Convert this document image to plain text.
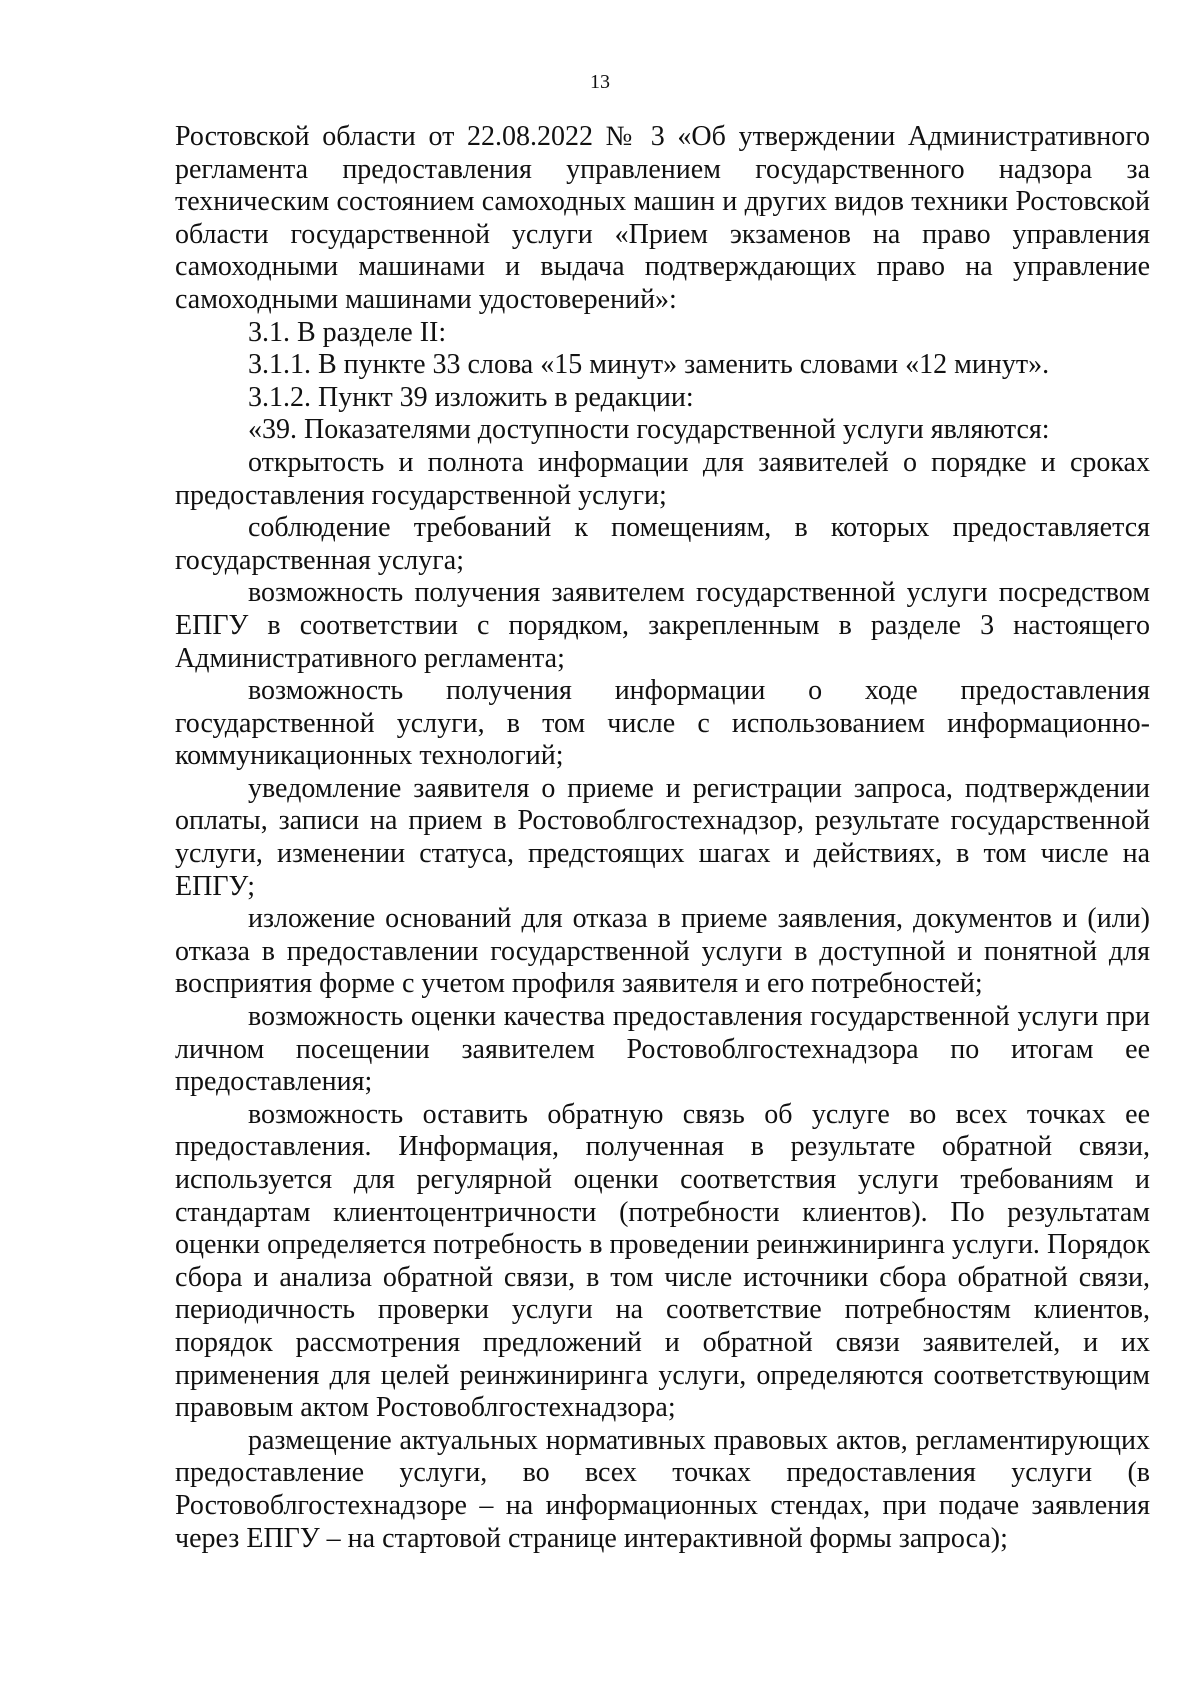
13

Ростовской области от 22.08.2022 № 3 «Об утверждении Административного регламента предоставления управлением государственного надзора за техническим состоянием самоходных машин и других видов техники Ростовской области государственной услуги «Прием экзаменов на право управления самоходными машинами и выдача подтверждающих право на управление самоходными машинами удостоверений»:

3.1. В разделе II:

3.1.1. В пункте 33 слова «15 минут» заменить словами «12 минут».

3.1.2. Пункт 39 изложить в редакции:

«39. Показателями доступности государственной услуги являются:

открытость и полнота информации для заявителей о порядке и сроках предоставления государственной услуги;

соблюдение требований к помещениям, в которых предоставляется государственная услуга;

возможность получения заявителем государственной услуги посредством ЕПГУ в соответствии с порядком, закрепленным в разделе 3 настоящего Административного регламента;

возможность получения информации о ходе предоставления государственной услуги, в том числе с использованием информационно-коммуникационных технологий;

уведомление заявителя о приеме и регистрации запроса, подтверждении оплаты, записи на прием в Ростовоблгостехнадзор, результате государственной услуги, изменении статуса, предстоящих шагах и действиях, в том числе на ЕПГУ;

изложение оснований для отказа в приеме заявления, документов и (или) отказа в предоставлении государственной услуги в доступной и понятной для восприятия форме с учетом профиля заявителя и его потребностей;

возможность оценки качества предоставления государственной услуги при личном посещении заявителем Ростовоблгостехнадзора по итогам ее предоставления;

возможность оставить обратную связь об услуге во всех точках ее предоставления. Информация, полученная в результате обратной связи, используется для регулярной оценки соответствия услуги требованиям и стандартам клиентоцентричности (потребности клиентов). По результатам оценки определяется потребность в проведении реинжиниринга услуги. Порядок сбора и анализа обратной связи, в том числе источники сбора обратной связи, периодичность проверки услуги на соответствие потребностям клиентов, порядок рассмотрения предложений и обратной связи заявителей, и их применения для целей реинжиниринга услуги, определяются соответствующим правовым актом Ростовоблгостехнадзора;

размещение актуальных нормативных правовых актов, регламентирующих предоставление услуги, во всех точках предоставления услуги (в Ростовоблгостехнадзоре – на информационных стендах, при подаче заявления через ЕПГУ – на стартовой странице интерактивной формы запроса);
